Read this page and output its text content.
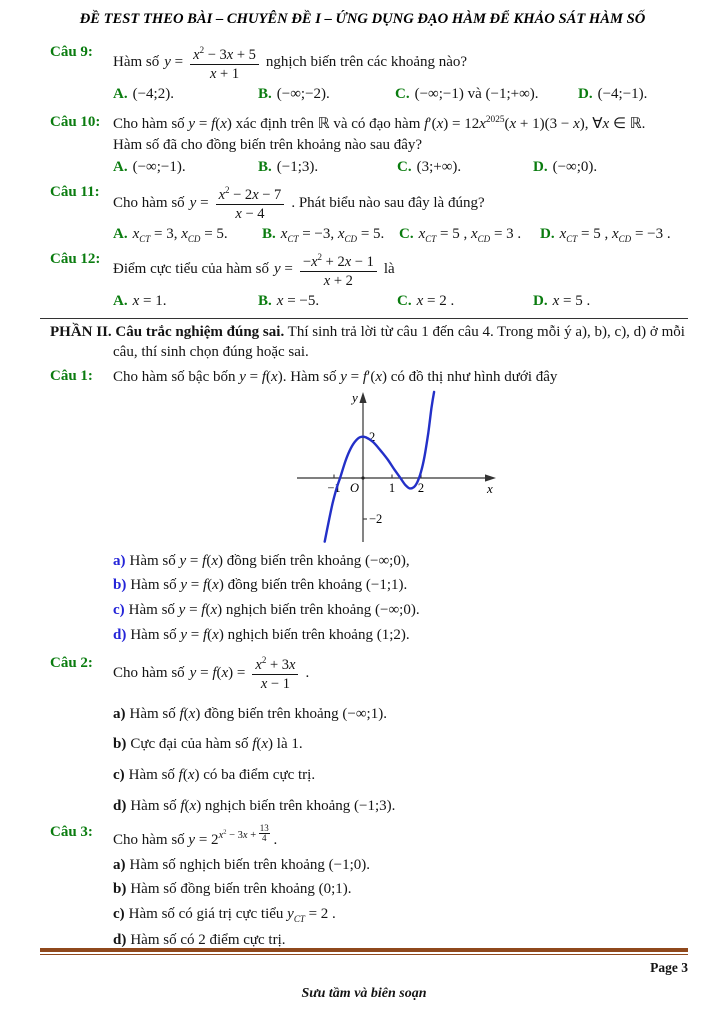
ĐỀ TEST THEO BÀI – CHUYÊN ĐỀ I – ỨNG DỤNG ĐẠO HÀM ĐỂ KHẢO SÁT HÀM SỐ
Câu 9:
Hàm số $y = \frac{x^2 - 3x + 5}{x + 1}$ nghịch biến trên các khoảng nào?
A. (−4;2).	B. (−∞;−2).	C. (−∞;−1) và (−1;+∞).	D. (−4;−1).
Câu 10: Cho hàm số y = f(x) xác định trên ℝ và có đạo hàm $f'(x) = 12x^{2025}(x + 1)(3 - x)$, ∀x ∈ ℝ.
Hàm số đã cho đồng biến trên khoảng nào sau đây?
A. (−∞;−1).	B. (−1;3).	C. (3;+∞).	D. (−∞;0).
Câu 11:
Cho hàm số $y = \frac{x^2 - 2x - 7}{x - 4}$ . Phát biểu nào sau đây là đúng?
A. $x_{CT} = 3$, $x_{CD} = 5$.	B. $x_{CT} = -3$, $x_{CD} = 5$. C. $x_{CT} = 5$ , $x_{CD} = 3$ .	D. $x_{CT} = 5$ , $x_{CD} = -3$ .
Câu 12:
Điểm cực tiểu của hàm số $y = \frac{-x^2 + 2x - 1}{x + 2}$ là
A. x = 1.	B. x = −5.	C. x = 2 .	D. x = 5 .
PHẦN II. Câu trắc nghiệm đúng sai. Thí sinh trả lời từ câu 1 đến câu 4. Trong mỗi ý a), b), c), d) ở mỗi câu, thí sinh chọn đúng hoặc sai.
Câu 1:	Cho hàm số bậc bốn y = f(x). Hàm số y = f′(x) có đồ thị như hình dưới đây
−1	1 2
2
−2
O	x
y
a) Hàm số y = f(x) đồng biến trên khoảng (−∞;0),
b) Hàm số y = f(x) đồng biến trên khoảng (−1;1).
c) Hàm số y = f(x) nghịch biến trên khoảng (−∞;0).
d) Hàm số y = f(x) nghịch biến trên khoảng (1;2).
Câu 2:
Cho hàm số $y = f(x) = \frac{x^2 + 3x}{x - 1}$ .
a) Hàm số f(x) đồng biến trên khoảng (−∞;1).
b) Cực đại của hàm số f(x) là 1.
c) Hàm số f(x) có ba điểm cực trị.
d) Hàm số f(x) nghịch biến trên khoảng (−1;3).
Câu 3:	Cho hàm số $y = 2^{x^2 - 3x + \frac{13}{4}}$ .
a) Hàm số nghịch biến trên khoảng (−1;0).
b) Hàm số đồng biến trên khoảng (0;1).
c) Hàm số có giá trị cực tiểu $y_{CT} = 2$ .
d) Hàm số có 2 điểm cực trị.
Page 3
Sưu tầm và biên soạn
